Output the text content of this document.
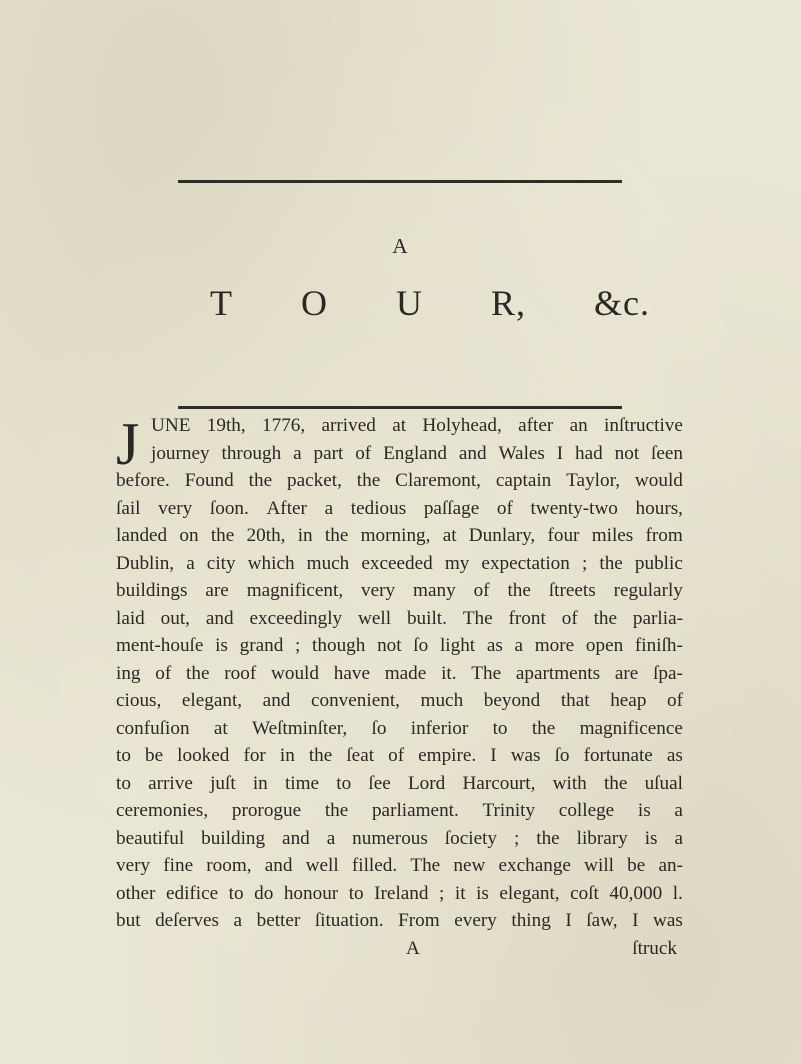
A
T O U R, &c.
J UNE 19th, 1776, arrived at Holyhead, after an inſtructive
journey through a part of England and Wales I had not ſeen
before. Found the packet, the Claremont, captain Taylor, would
ſail very ſoon. After a tedious paſſage of twenty-two hours,
landed on the 20th, in the morning, at Dunlary, four miles from
Dublin, a city which much exceeded my expectation ; the public
buildings are magnificent, very many of the ſtreets regularly
laid out, and exceedingly well built. The front of the parlia-
ment-houſe is grand ; though not ſo light as a more open finiſh-
ing of the roof would have made it. The apartments are ſpa-
cious, elegant, and convenient, much beyond that heap of
confuſion at Weſtminſter, ſo inferior to the magnificence
to be looked for in the ſeat of empire. I was ſo fortunate as
to arrive juſt in time to ſee Lord Harcourt, with the uſual
ceremonies, prorogue the parliament. Trinity college is a
beautiful building and a numerous ſociety ; the library is a
very fine room, and well filled. The new exchange will be an-
other edifice to do honour to Ireland ; it is elegant, coſt 40,000 l.
but deſerves a better ſituation. From every thing I ſaw, I was
A	ſtruck
